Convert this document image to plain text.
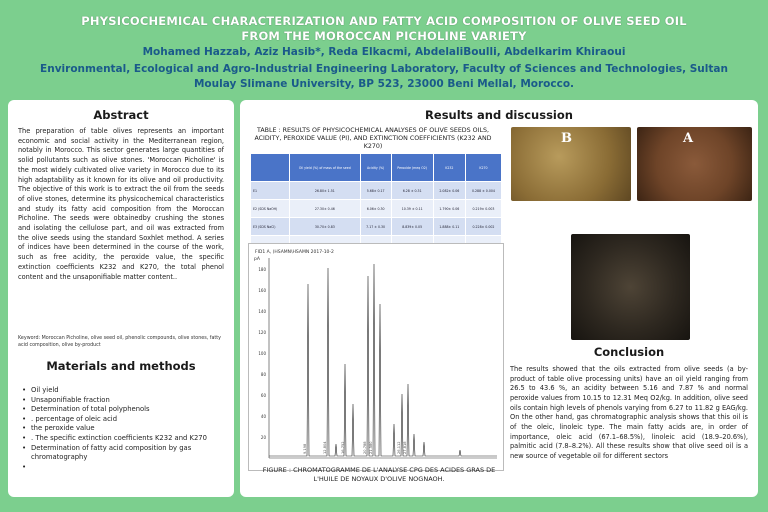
PHYSICOCHEMICAL CHARACTERIZATION AND FATTY ACID COMPOSITION OF OLIVE SEED OIL FROM THE MOROCCAN PICHOLINE VARIETY
Mohamed Hazzab, Aziz Hasib*, Reda Elkacmi, AbdelaliBoulli, Abdelkarim Khiraoui
Environmental, Ecological and Agro-Industrial Engineering Laboratory, Faculty of Sciences and Technologies, Sultan Moulay Slimane University, BP 523, 23000 Beni Mellal, Morocco.
Abstract
The preparation of table olives represents an important economic and social activity in the Mediterranean region, notably in Morocco. This sector generates large quantities of solid pollutants such as olive stones. 'Moroccan Picholine' is the most widely cultivated olive variety in Morocco due to its high adaptability as it known for its olive and oil productivity. The objective of this work is to extract the oil from the seeds of olive stones, determine its physicochemical characteristics and study its fatty acid composition from the Moroccan Picholine. The seeds were obtainedby crushing the stones and isolating the cellulose part, and oil was extracted from the olive seeds using the standard Soxhlet method. A series of indices have been determined in the course of the work, such as free acidity, the peroxide value, the specific extinction coefficients K232 and K270, the total phenol content and the unsaponifiable matter content..
Keyword: Moroccan Picholine, olive seed oil, phenolic compounds, olive stones, fatty acid composition, olive by-product
Materials and methods
• Oil yield
• Unsaponifiable fraction
• Determination of total polyphenols
• . percentage of oleic acid
• the peroxide value
• . The specific extinction coefficients K232 and K270
• Determination of fatty acid composition by gas chromatography
Results and discussion
TABLE : RESULTS OF PHYSICOCHEMICAL ANALYSES OF OLIVE SEEDS OILS, ACIDITY, PEROXIDE VALUE (PI), AND EXTINCTION COEFFICIENTS (K232 AND K270)
	Oil yield (%) of mass of the seed	Acidity (%)	Peroxide (meq O2)	K232	K270
E1	26.80± 1.51	5.68± 0.17	6.28 ± 0.31	2.082± 0.06	0.288 ± 0.004
E2 (SDS NaOH)	27.30± 0.46	6.06± 0.30	10.39 ± 0.11	1.790± 0.06	0.219± 0.003
E3 (SDS NaCl)	30.70± 0.83	7.17 ± 0.30	8.839± 0.05	1.888± 0.11	0.228± 0.002

FID1 A, (HSAMN\HSAMN 2017-10-2
pA
180
160
140
120
100
80
60
40
20
9.198	12.804	16.752	20.788 21.580	26.112 27.818
FIGURE : CHROMATOGRAMME DE L'ANALYSE CPG DES ACIDES GRAS DE L'HUILE DE NOYAUX D'OLIVE NOGNAOH.
B	A
Conclusion
The results showed that the oils extracted from olive seeds (a by-product of table olive processing units) have an oil yield ranging from 26.5 to 43.6 %, an acidity between 5.16 and 7.87 % and normal peroxide values from 10.15 to 12.31 Meq O2/kg. In addition, olive seed oils contain high levels of phenols varying from 6.27 to 11.82 g EAG/kg. On the other hand, gas chromatographic analysis shows that this oil is of the oleic, linoleic type. The main fatty acids are, in order of importance, oleic acid (67.1–68.5%), linoleic acid (18.9–20.6%), palmitic acid (7.8–8.2%). All these results show that olive seed oil is a new source of vegetable oil for different sectors
